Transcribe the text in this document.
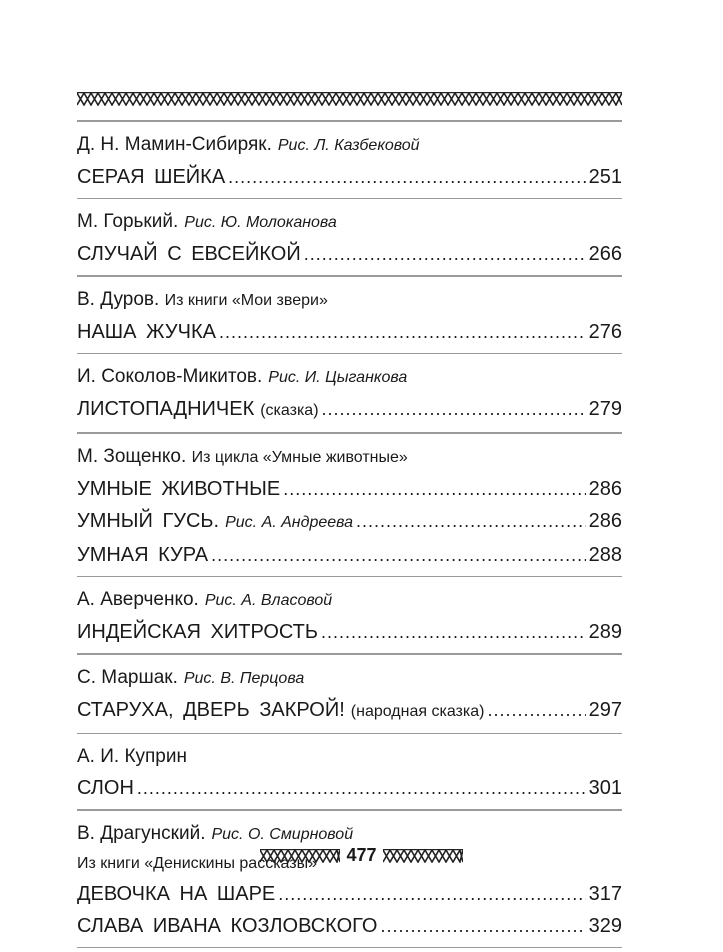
Д. Н. Мамин-Сибиряк. Рис. Л. Казбековой
СЕРАЯ ШЕЙКА .....	251
М. Горький. Рис. Ю. Молоканова
СЛУЧАЙ С ЕВСЕЙКОЙ .....	266
В. Дуров. Из книги «Мои звери»
НАША ЖУЧКА .....	276
И. Соколов-Микитов. Рис. И. Цыганкова
ЛИСТОПАДНИЧЕК (сказка) .....	279
М. Зощенко. Из цикла «Умные животные»
УМНЫЕ ЖИВОТНЫЕ .....	286
УМНЫЙ ГУСЬ. Рис. А. Андреева .....	286
УМНАЯ КУРА .....	288
А. Аверченко. Рис. А. Власовой
ИНДЕЙСКАЯ ХИТРОСТЬ .....	289
С. Маршак. Рис. В. Перцова
СТАРУХА, ДВЕРЬ ЗАКРОЙ! (народная сказка) .....	297
А. И. Куприн
СЛОН .....	301
В. Драгунский. Рис. О. Смирновой
Из книги «Денискины рассказы»
ДЕВОЧКА НА ШАРЕ .....	317
СЛАВА ИВАНА КОЗЛОВСКОГО .....	329
477
